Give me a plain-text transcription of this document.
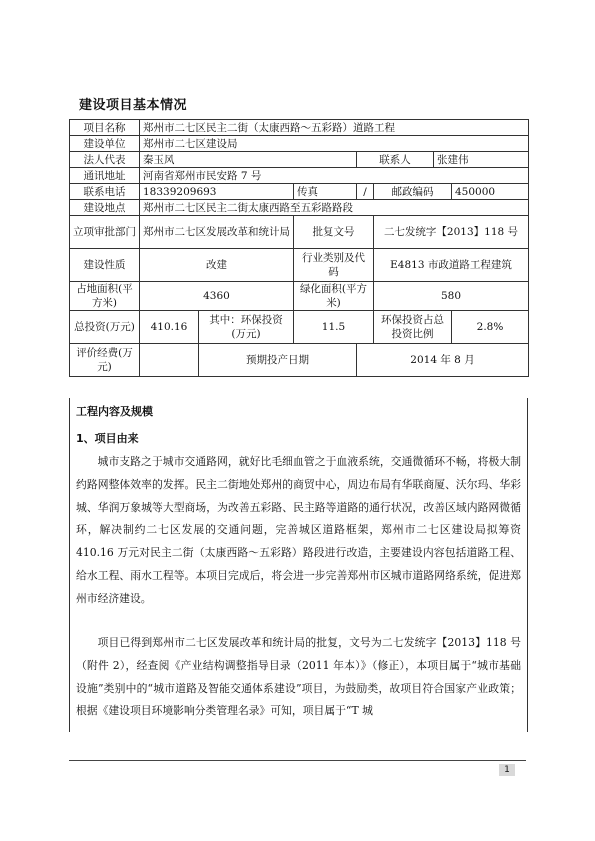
建设项目基本情况
项目名称	郑州市二七区民主二街（太康西路～五彩路）道路工程						
建设单位	郑州市二七区建设局						
法人代表	秦玉风			联系人		张建伟	
通讯地址	河南省郑州市民安路 7 号						
联系电话	18339209693		传真	/	邮政编码		450000
建设地点	郑州市二七区民主二街太康西路至五彩路路段						
立项审批部门	郑州市二七区发展改革和统计局		批复文号		二七发统字【2013】118 号		
建设性质	改建		行业类别及代码		E4813 市政道路工程建筑		
占地面积(平方米)	4360		绿化面积(平方米)		580		
总投资(万元)	410.16	其中：环保投资(万元)	11.5		环保投资占总投资比例		2.8%
评价经费(万元)		预期投产日期		2014 年 8 月			
工程内容及规模
1、项目由来

城市支路之于城市交通路网，就好比毛细血管之于血液系统，交通微循环不畅，将极大制约路网整体效率的发挥。民主二街地处郑州的商贸中心，周边布局有华联商厦、沃尔玛、华彩城、华润万象城等大型商场，为改善五彩路、民主路等道路的通行状况，改善区域内路网微循环，解决制约二七区发展的交通问题，完善城区道路框架，郑州市二七区建设局拟筹资 410.16 万元对民主二街（太康西路～五彩路）路段进行改造，主要建设内容包括道路工程、给水工程、雨水工程等。本项目完成后，将会进一步完善郑州市区城市道路网络系统，促进郑州市经济建设。

项目已得到郑州市二七区发展改革和统计局的批复，文号为二七发统字【2013】118 号（附件 2），经查阅《产业结构调整指导目录（2011 年本）》（修正），本项目属于“城市基础设施”类别中的“城市道路及智能交通体系建设”项目，为鼓励类，故项目符合国家产业政策；根据《建设项目环境影响分类管理名录》可知，项目属于“T 城

1
